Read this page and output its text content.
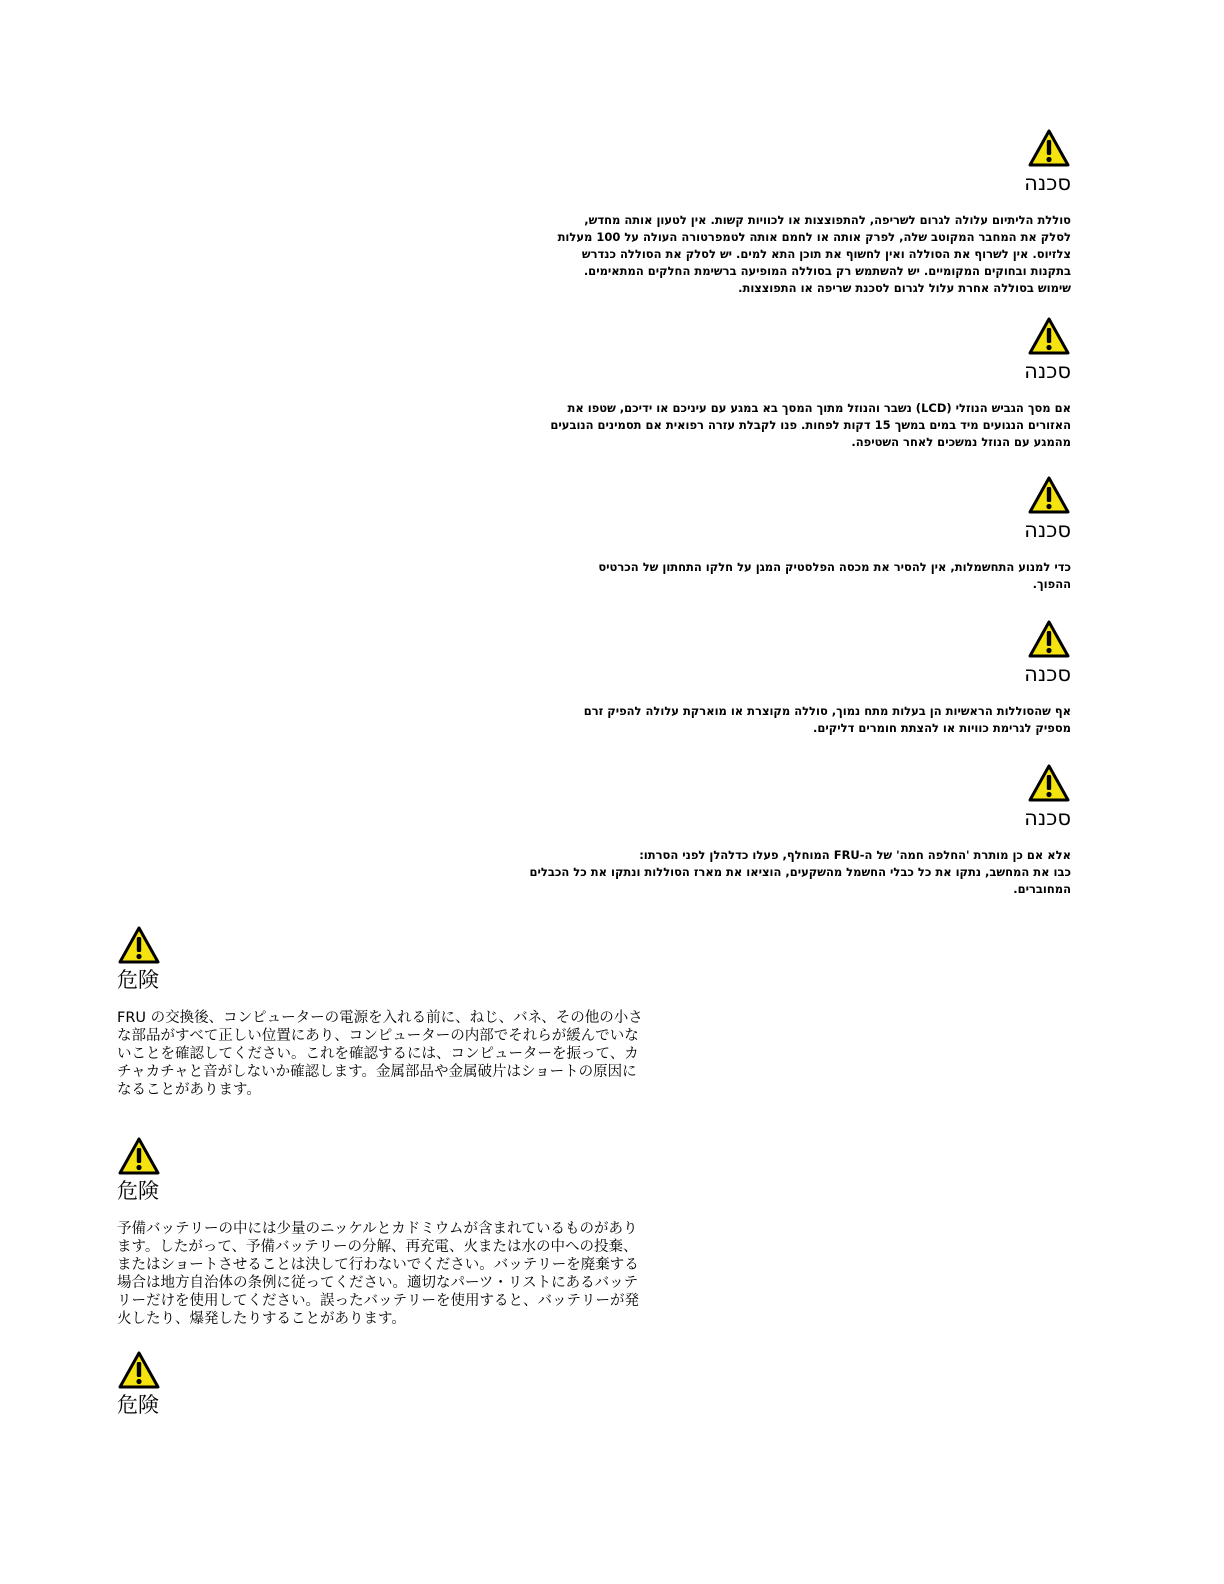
סכנה
סוללת הליתיום עלולה לגרום לשריפה, להתפוצצות או לכוויות קשות. אין לטעון אותה מחדש,
לסלק את המחבר המקוטב שלה, לפרק אותה או לחמם אותה לטמפרטורה העולה על 100 מעלות
צלזיוס. אין לשרוף את הסוללה ואין לחשוף את תוכן התא למים. יש לסלק את הסוללה כנדרש
בתקנות ובחוקים המקומיים. יש להשתמש רק בסוללה המופיעה ברשימת החלקים המתאימים.
שימוש בסוללה אחרת עלול לגרום לסכנת שריפה או התפוצצות.
סכנה
אם מסך הגביש הנוזלי (LCD) נשבר והנוזל מתוך המסך בא במגע עם עיניכם או ידיכם, שטפו את
האזורים הנגועים מיד במים במשך 15 דקות לפחות. פנו לקבלת עזרה רפואית אם תסמינים הנובעים
מהמגע עם הנוזל נמשכים לאחר השטיפה.
סכנה
כדי למנוע התחשמלות, אין להסיר את מכסה הפלסטיק המגן על חלקו התחתון של הכרטיס
ההפוך.
סכנה
אף שהסוללות הראשיות הן בעלות מתח נמוך, סוללה מקוצרת או מוארקת עלולה להפיק זרם
מספיק לגרימת כוויות או להצתת חומרים דליקים.
סכנה
אלא אם כן מותרת 'החלפה חמה' של ה-FRU המוחלף, פעלו כדלהלן לפני הסרתו:
כבו את המחשב, נתקו את כל כבלי החשמל מהשקעים, הוציאו את מארז הסוללות ונתקו את כל הכבלים
המחוברים.
危険
FRU の交換後、コンピューターの電源を入れる前に、ねじ、バネ、その他の小さ
な部品がすべて正しい位置にあり、コンピューターの内部でそれらが緩んでいな
いことを確認してください。これを確認するには、コンピューターを振って、カ
チャカチャと音がしないか確認します。金属部品や金属破片はショートの原因に
なることがあります。
危険
予備バッテリーの中には少量のニッケルとカドミウムが含まれているものがあり
ます。したがって、予備バッテリーの分解、再充電、火または水の中への投棄、
またはショートさせることは決して行わないでください。バッテリーを廃棄する
場合は地方自治体の条例に従ってください。適切なパーツ・リストにあるバッテ
リーだけを使用してください。誤ったバッテリーを使用すると、バッテリーが発
火したり、爆発したりすることがあります。
危険
